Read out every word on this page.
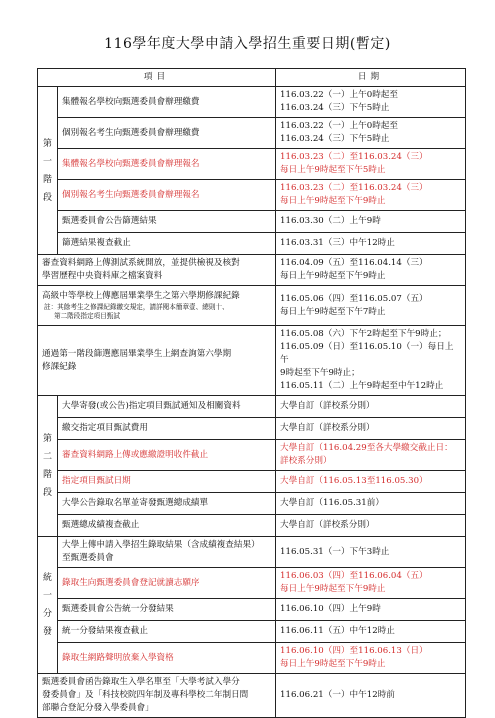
116學年度大學申請入學招生重要日期(暫定)
項目		日期
第一階段	集體報名學校向甄選委員會辦理繳費	116.03.22（一）上午0時起至
116.03.24（三）下午5時止

	個別報名考生向甄選委員會辦理繳費	116.03.22（一）上午0時起至
116.03.24（三）下午5時止

	集體報名學校向甄選委員會辦理報名	116.03.23（二）至116.03.24（三）
每日上午9時起至下午5時止

	個別報名考生向甄選委員會辦理報名	116.03.23（二）至116.03.24（三）
每日上午9時起至下午9時止

	甄選委員會公告篩選結果	116.03.30（二）上午9時
	篩選結果複查截止	116.03.31（三）中午12時止

審查資料網路上傳測試系統開放，並提供檢視及核對
學習歷程中央資料庫之檔案資料		116.04.09（五）至116.04.14（三）
每日上午9時起至下午9時止

高級中等學校上傳應屆畢業學生之第六學期修課紀錄
註：其餘考生之修課紀錄繳交規定，請詳閱本簡章壹、總則十、
第二階段指定項目甄試		116.05.06（四）至116.05.07（五）
每日上午9時起至下午7時止

通過第一階段篩選應屆畢業學生上網查詢第六學期
修課紀錄		116.05.08（六）下午2時起至下午9時止；
116.05.09（日）至116.05.10（一）每日上午
9時起至下午9時止；
116.05.11（二）上午9時起至中午12時止

第二階段	大學寄發(或公告)指定項目甄試通知及相關資料	大學自訂（詳校系分則）
	繳交指定項目甄試費用	大學自訂（詳校系分則）
	審查資料網路上傳或應繳證明收件截止	大學自訂（116.04.29至各大學繳交截止日：
詳校系分則）

	指定項目甄試日期	大學自訂（116.05.13至116.05.30）
	大學公告錄取名單並寄發甄選總成績單	大學自訂（116.05.31前）
	甄選總成績複查截止	大學自訂（詳校系分則）
統一分發	大學上傳申請入學招生錄取結果（含成績複查結果）
至甄選委員會	116.05.31（一）下午3時止
	錄取生向甄選委員會登記就讀志願序	116.06.03（四）至116.06.04（五）
每日上午9時起至下午9時止

	甄選委員會公告統一分發結果	116.06.10（四）上午9時
	統一分發結果複查截止	116.06.11（五）中午12時止
	錄取生網路聲明放棄入學資格	116.06.10（四）至116.06.13（日）
每日上午9時起至下午9時止

甄選委員會函告錄取生入學名單至「大學考試入學分
發委員會」及「科技校院四年制及專科學校二年制日間
部聯合登記分發入學委員會」		116.06.21（一）中午12時前
